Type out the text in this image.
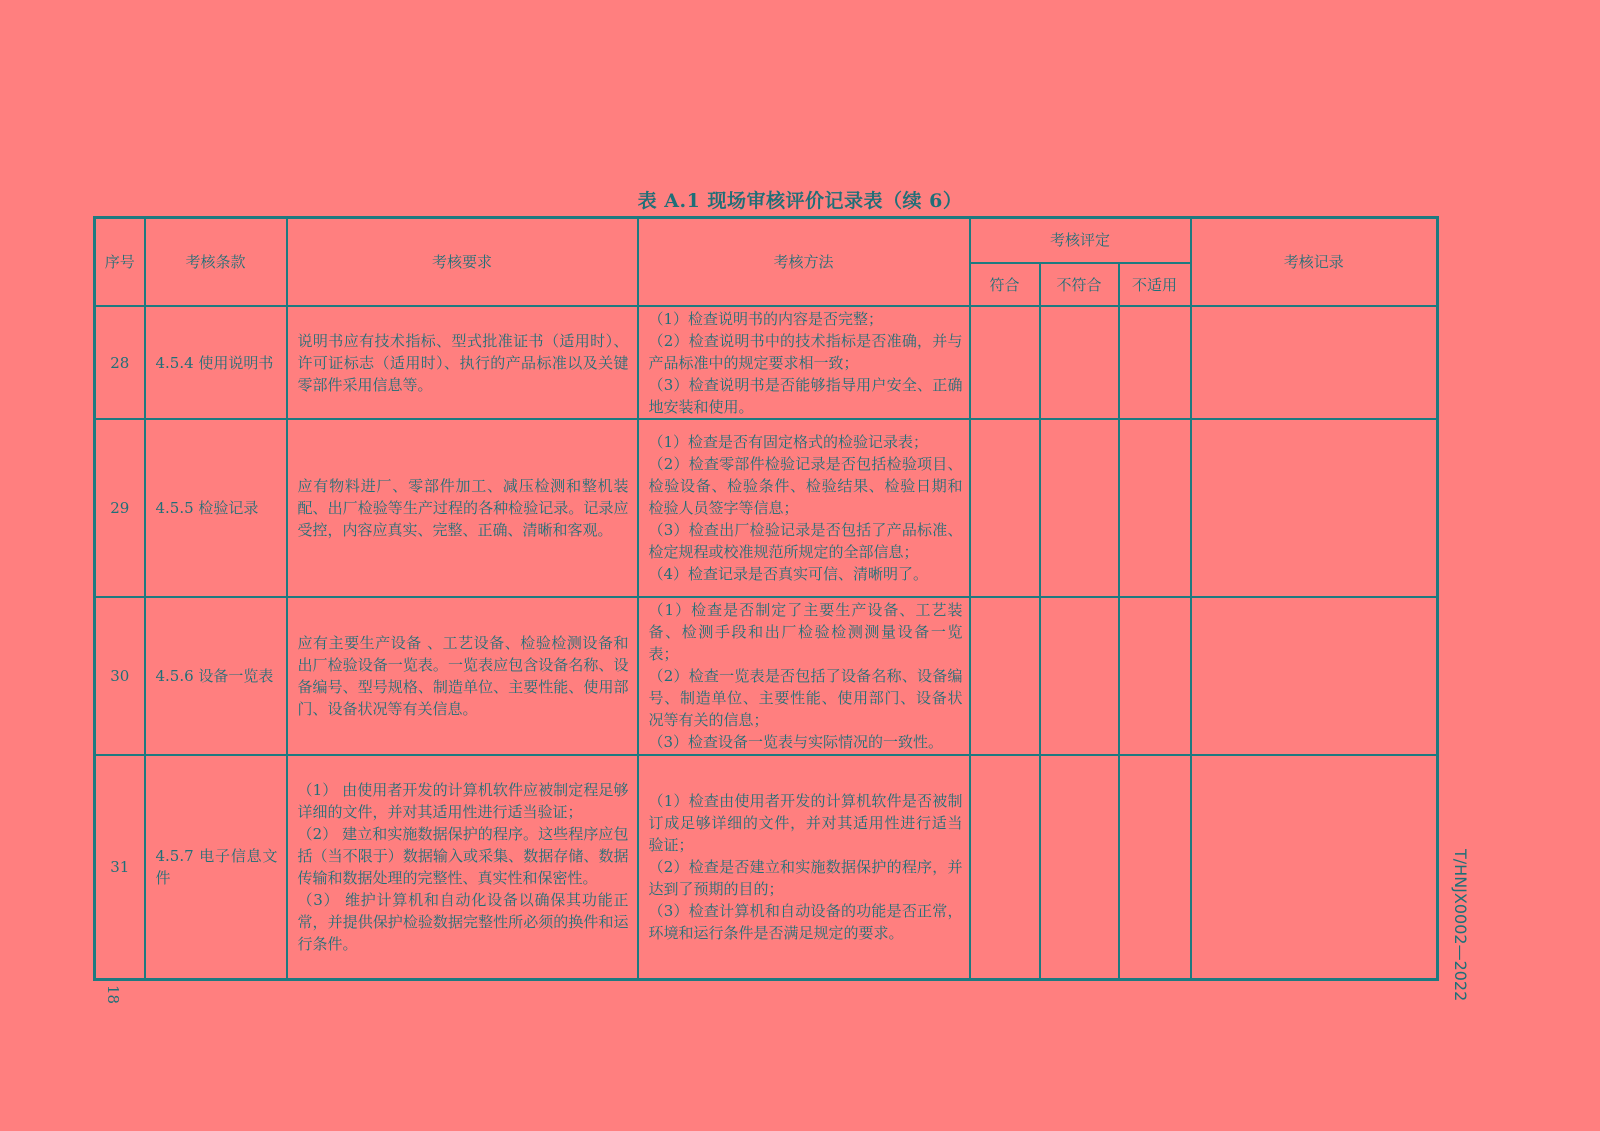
表 A.1 现场审核评价记录表（续 6）
序号	考核条款	考核要求	考核方法	考核评定			考核记录
				符合	不符合	不适用	
28	4.5.4 使用说明书	说明书应有技术指标、型式批准证书（适用时）、许可证标志（适用时）、执行的产品标准以及关键零部件采用信息等。	（1）检查说明书的内容是否完整；
（2）检查说明书中的技术指标是否准确，并与产品标准中的规定要求相一致；
（3）检查说明书是否能够指导用户安全、正确地安装和使用。				
29	4.5.5 检验记录	应有物料进厂、零部件加工、减压检测和整机装配、出厂检验等生产过程的各种检验记录。记录应受控，内容应真实、完整、正确、清晰和客观。	（1）检查是否有固定格式的检验记录表；
（2）检查零部件检验记录是否包括检验项目、检验设备、检验条件、检验结果、检验日期和检验人员签字等信息；
（3）检查出厂检验记录是否包括了产品标准、检定规程或校准规范所规定的全部信息；
（4）检查记录是否真实可信、清晰明了。				
30	4.5.6 设备一览表	应有主要生产设备 、工艺设备、检验检测设备和出厂检验设备一览表。一览表应包含设备名称、设备编号、型号规格、制造单位、主要性能、使用部门、设备状况等有关信息。	（1）检查是否制定了主要生产设备、工艺装备、检测手段和出厂检验检测测量设备一览表；
（2）检查一览表是否包括了设备名称、设备编号、制造单位、主要性能、使用部门、设备状况等有关的信息；
（3）检查设备一览表与实际情况的一致性。				
31	4.5.7 电子信息文件	（1） 由使用者开发的计算机软件应被制定程足够详细的文件，并对其适用性进行适当验证；
（2） 建立和实施数据保护的程序。这些程序应包括（当不限于）数据输入或采集、数据存储、数据传输和数据处理的完整性、真实性和保密性。
（3） 维护计算机和自动化设备以确保其功能正常，并提供保护检验数据完整性所必须的换件和运行条件。	（1）检查由使用者开发的计算机软件是否被制订成足够详细的文件，并对其适用性进行适当验证；
（2）检查是否建立和实施数据保护的程序，并达到了预期的目的；
（3）检查计算机和自动设备的功能是否正常，环境和运行条件是否满足规定的要求。				
18	T/HNJX0002—2022
